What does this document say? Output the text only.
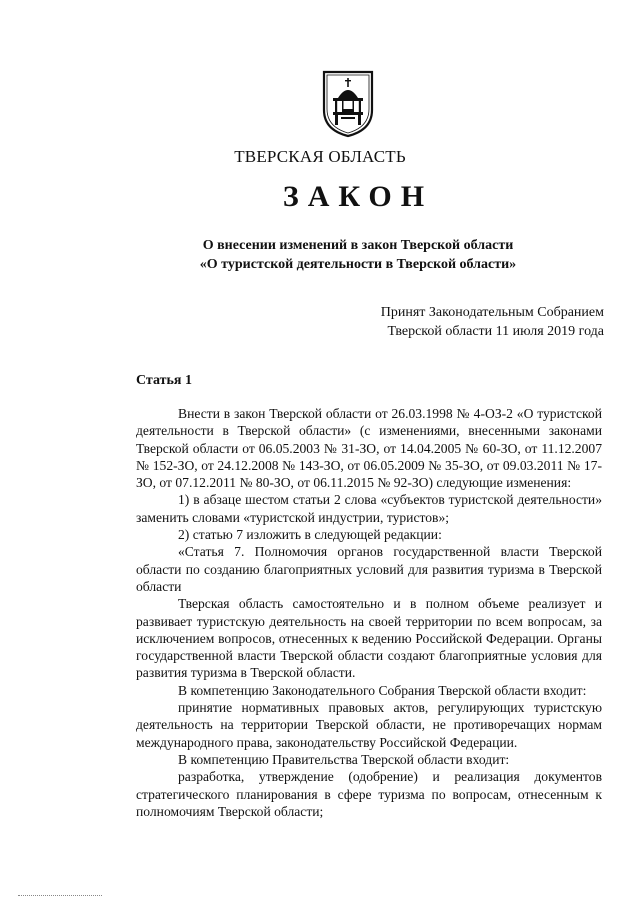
ТВЕРСКАЯ ОБЛАСТЬ
ЗАКОН
О внесении изменений в закон Тверской области
«О туристской деятельности в Тверской области»
Принят Законодательным Собранием
Тверской области 11 июля 2019 года
Статья 1

Внести в закон Тверской области от 26.03.1998 № 4-ОЗ-2 «О туристской деятельности в Тверской области» (с изменениями, внесенными законами Тверской области от 06.05.2003 № 31-ЗО, от 14.04.2005 № 60-ЗО, от 11.12.2007 № 152-ЗО, от 24.12.2008 № 143-ЗО, от 06.05.2009 № 35-ЗО, от 09.03.2011 № 17-ЗО, от 07.12.2011 № 80-ЗО, от 06.11.2015 № 92-ЗО) следующие изменения:

1) в абзаце шестом статьи 2 слова «субъектов туристской деятельности» заменить словами «туристской индустрии, туристов»;

2) статью 7 изложить в следующей редакции:

«Статья 7. Полномочия органов государственной власти Тверской области по созданию благоприятных условий для развития туризма в Тверской области

Тверская область самостоятельно и в полном объеме реализует и развивает туристскую деятельность на своей территории по всем вопросам, за исключением вопросов, отнесенных к ведению Российской Федерации. Органы государственной власти Тверской области создают благоприятные условия для развития туризма в Тверской области.

В компетенцию Законодательного Собрания Тверской области входит:

принятие нормативных правовых актов, регулирующих туристскую деятельность на территории Тверской области, не противоречащих нормам международного права, законодательству Российской Федерации.

В компетенцию Правительства Тверской области входит:

разработка, утверждение (одобрение) и реализация документов стратегического планирования в сфере туризма по вопросам, отнесенным к полномочиям Тверской области;
